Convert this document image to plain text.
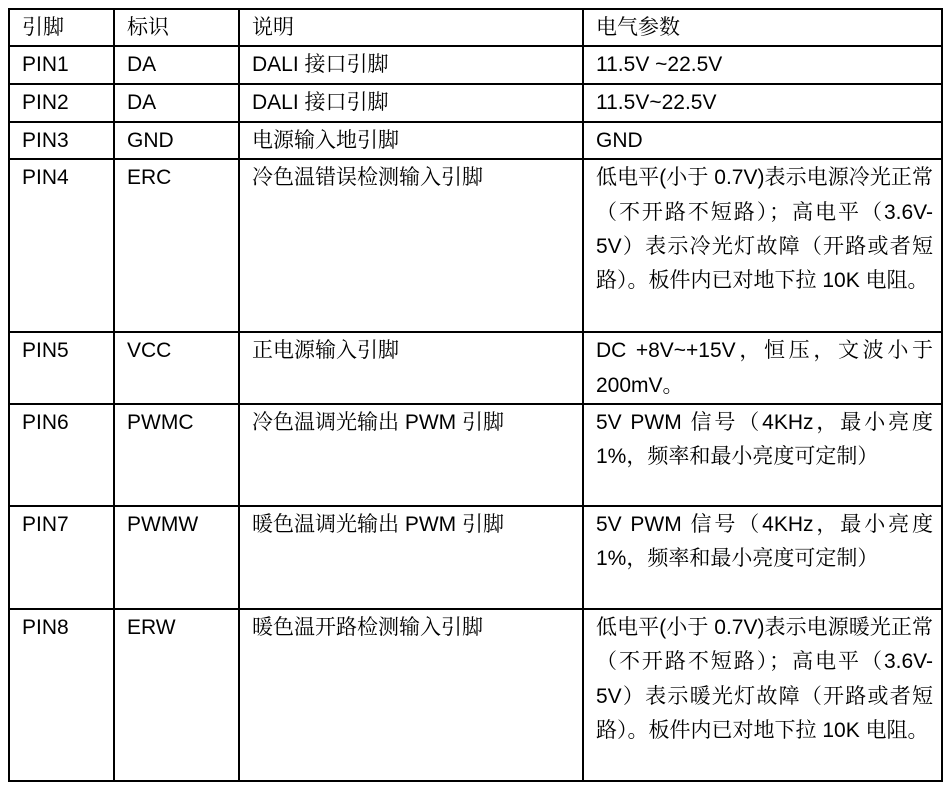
引脚	标识	说明	电气参数
PIN1	DA	DALI 接口引脚	11.5V ~22.5V
PIN2	DA	DALI 接口引脚	11.5V~22.5V
PIN3	GND	电源输入地引脚	GND
PIN4	ERC	冷色温错误检测输入引脚	低电平(小于 0.7V)表示电源冷光正常（不开路不短路）；高电平（3.6V-5V）表示冷光灯故障（开路或者短路）。板件内已对地下拉 10K 电阻。
PIN5	VCC	正电源输入引脚	DC +8V~+15V，恒压，文波小于 200mV。
PIN6	PWMC	冷色温调光输出 PWM 引脚	5V PWM 信号（4KHz，最小亮度 1%，频率和最小亮度可定制）
PIN7	PWMW	暖色温调光输出 PWM 引脚	5V PWM 信号（4KHz，最小亮度 1%，频率和最小亮度可定制）
PIN8	ERW	暖色温开路检测输入引脚	低电平(小于 0.7V)表示电源暖光正常（不开路不短路）；高电平（3.6V-5V）表示暖光灯故障（开路或者短路）。板件内已对地下拉 10K 电阻。
